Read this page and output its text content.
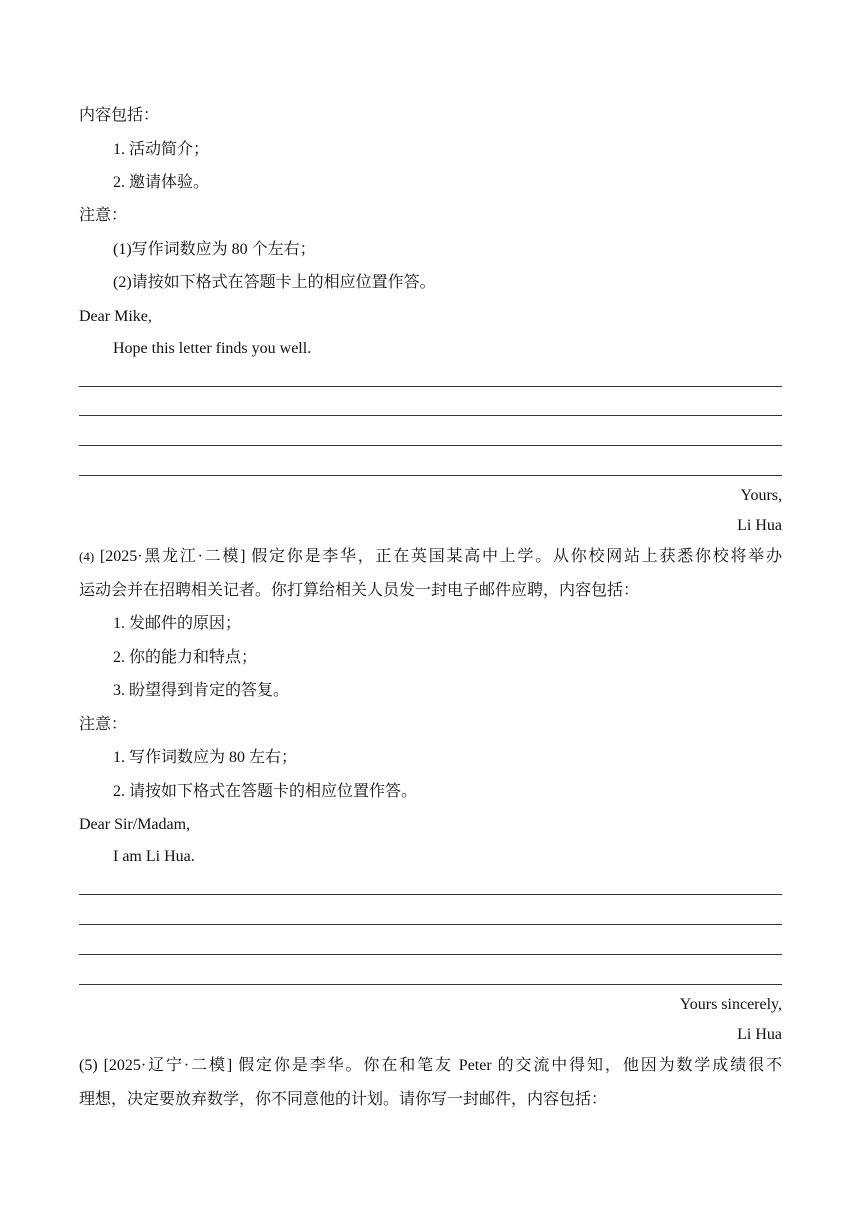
内容包括：
1. 活动简介；
2. 邀请体验。
注意：
(1)写作词数应为 80 个左右；
(2)请按如下格式在答题卡上的相应位置作答。
Dear Mike,
Hope this letter finds you well.
Yours,
Li Hua
(4) [2025·黑龙江·二模] 假定你是李华，正在英国某高中上学。从你校网站上获悉你校将举办
运动会并在招聘相关记者。你打算给相关人员发一封电子邮件应聘，内容包括：
1. 发邮件的原因；
2. 你的能力和特点；
3. 盼望得到肯定的答复。
注意：
1. 写作词数应为 80 左右；
2. 请按如下格式在答题卡的相应位置作答。
Dear Sir/Madam,
I am Li Hua.
Yours sincerely,
Li Hua
(5) [2025·辽宁·二模] 假定你是李华。你在和笔友 Peter 的交流中得知，他因为数学成绩很不
理想，决定要放弃数学，你不同意他的计划。请你写一封邮件，内容包括：
